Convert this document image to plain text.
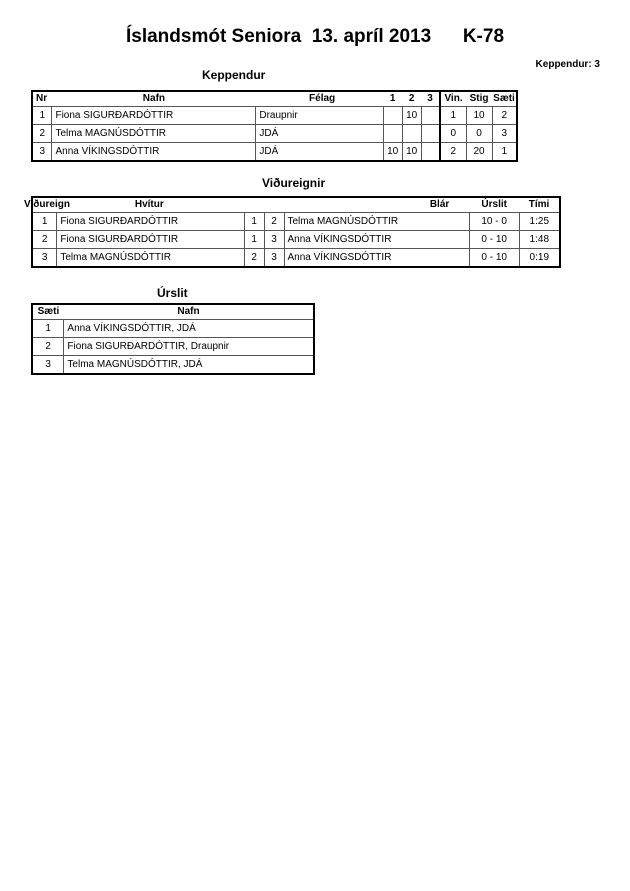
Íslandsmót Seniora  13. apríl 2013      K-78
Keppendur: 3
Keppendur
Nr	Nafn	Félag	1	2	3	Vin.	Stig	Sæti
1	Fiona SIGURÐARDÓTTIR	Draupnir		10		1	10	2
2	Telma MAGNÚSDÓTTIR	JDÁ				0	0	3
3	Anna VÍKINGSDÓTTIR	JDÁ	10	10		2	20	1
Viðureignir
Viðureign	Hvítur			Blár	Úrslit	Tími
1	Fiona SIGURÐARDÓTTIR	1	2	Telma MAGNÚSDÓTTIR	10 - 0	1:25
2	Fiona SIGURÐARDÓTTIR	1	3	Anna VÍKINGSDÓTTIR	0 - 10	1:48
3	Telma MAGNÚSDÓTTIR	2	3	Anna VÍKINGSDÓTTIR	0 - 10	0:19
Úrslit
Sæti	Nafn
1	Anna VÍKINGSDÓTTIR, JDÁ
2	Fiona SIGURÐARDÓTTIR, Draupnir
3	Telma MAGNÚSDÓTTIR, JDÁ
